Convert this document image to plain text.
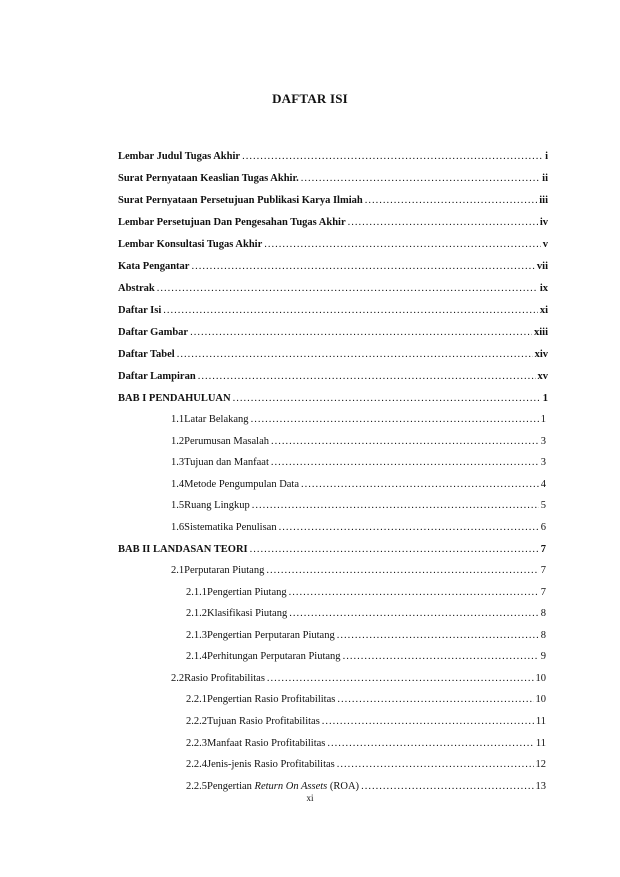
DAFTAR ISI
Lembar Judul Tugas Akhir .....	i
Surat Pernyataan Keaslian Tugas Akhir. .....	ii
Surat Pernyataan Persetujuan Publikasi Karya Ilmiah .....	iii
Lembar Persetujuan Dan Pengesahan Tugas Akhir .....	iv
Lembar Konsultasi Tugas Akhir .....	v
Kata Pengantar .....	vii
Abstrak .....	ix
Daftar Isi .....	xi
Daftar Gambar .....	xiii
Daftar Tabel .....	xiv
Daftar Lampiran .....	xv
BAB I PENDAHULUAN .....	1
1.1 Latar Belakang .....	1
1.2 Perumusan Masalah .....	3
1.3 Tujuan dan Manfaat .....	3
1.4 Metode Pengumpulan Data .....	4
1.5 Ruang Lingkup .....	5
1.6 Sistematika Penulisan .....	6
BAB II LANDASAN TEORI .....	7
2.1 Perputaran Piutang .....	7
2.1.1 Pengertian Piutang .....	7
2.1.2 Klasifikasi Piutang .....	8
2.1.3 Pengertian Perputaran Piutang .....	8
2.1.4 Perhitungan Perputaran Piutang .....	9
2.2 Rasio Profitabilitas .....	10
2.2.1 Pengertian Rasio Profitabilitas .....	10
2.2.2 Tujuan Rasio Profitabilitas .....	11
2.2.3 Manfaat Rasio Profitabilitas .....	11
2.2.4 Jenis-jenis Rasio Profitabilitas .....	12
2.2.5 Pengertian Return On Assets (ROA) .....	13
xi
